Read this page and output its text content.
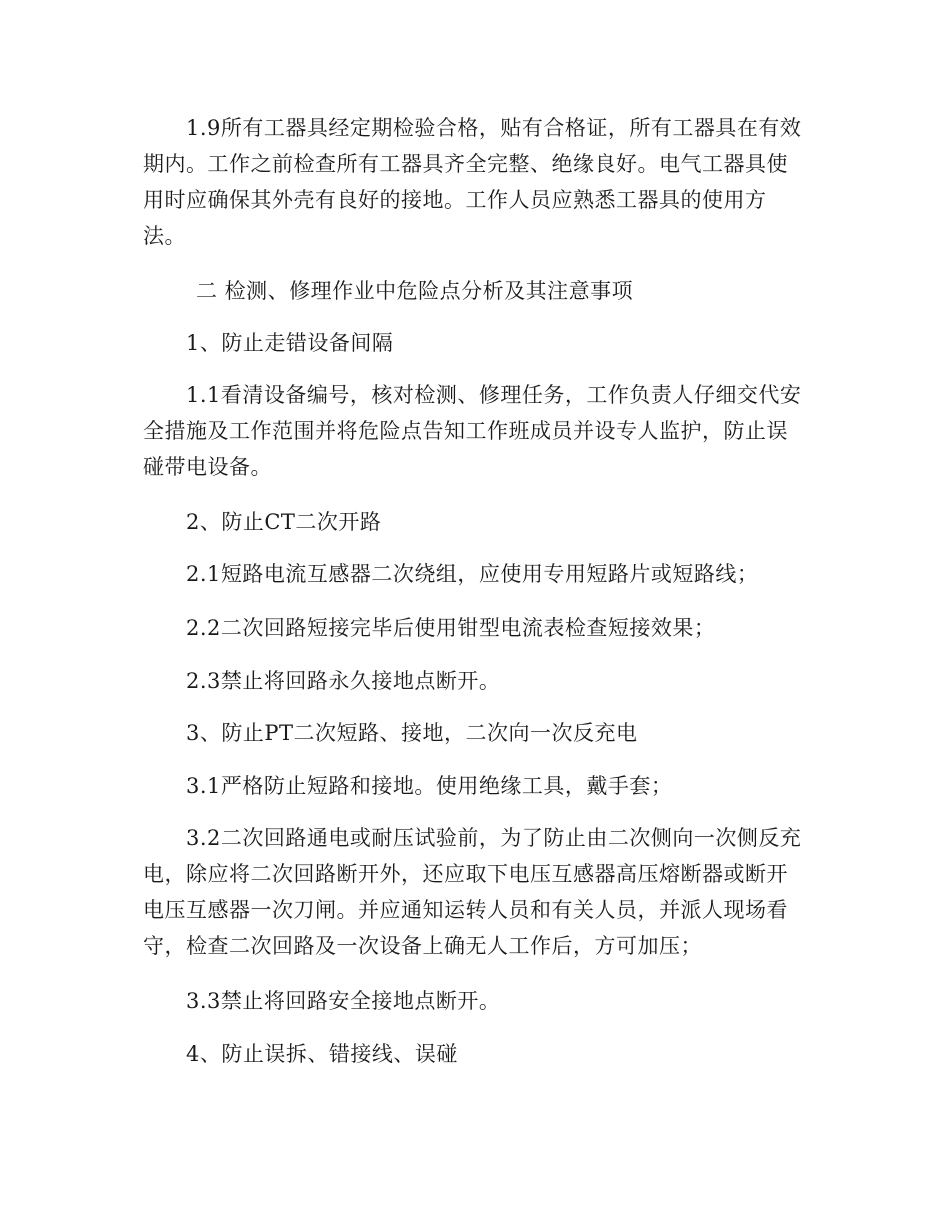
1.9所有工器具经定期检验合格，贴有合格证，所有工器具在有效
期内。工作之前检查所有工器具齐全完整、绝缘良好。电气工器具使
用时应确保其外壳有良好的接地。工作人员应熟悉工器具的使用方
法。
二 检测、修理作业中危险点分析及其注意事项
1、防止走错设备间隔
1.1看清设备编号，核对检测、修理任务，工作负责人仔细交代安
全措施及工作范围并将危险点告知工作班成员并设专人监护，防止误
碰带电设备。
2、防止CT二次开路
2.1短路电流互感器二次绕组，应使用专用短路片或短路线；
2.2二次回路短接完毕后使用钳型电流表检查短接效果；
2.3禁止将回路永久接地点断开。
3、防止PT二次短路、接地，二次向一次反充电
3.1严格防止短路和接地。使用绝缘工具，戴手套；
3.2二次回路通电或耐压试验前，为了防止由二次侧向一次侧反充
电，除应将二次回路断开外，还应取下电压互感器高压熔断器或断开
电压互感器一次刀闸。并应通知运转人员和有关人员，并派人现场看
守，检查二次回路及一次设备上确无人工作后，方可加压；
3.3禁止将回路安全接地点断开。
4、防止误拆、错接线、误碰
